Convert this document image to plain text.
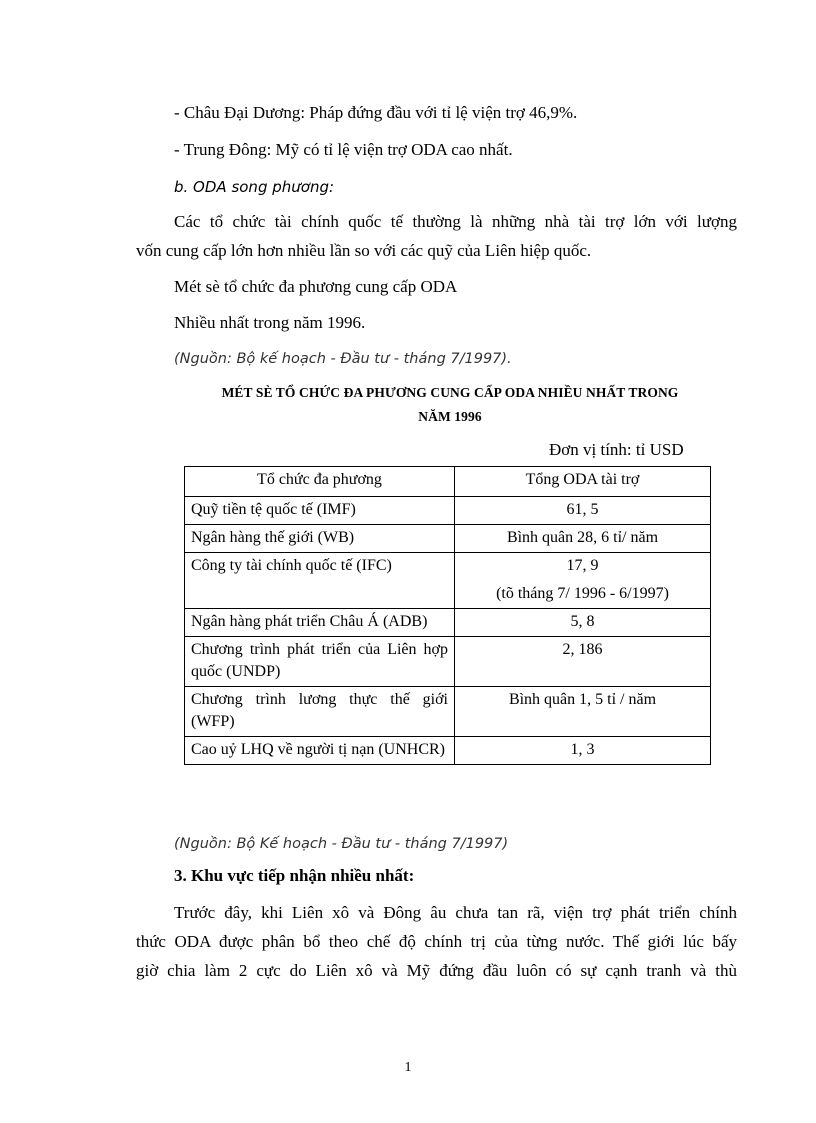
- Châu Đại Dương: Pháp đứng đầu với tỉ lệ viện trợ 46,9%.
- Trung Đông: Mỹ có tỉ lệ viện trợ ODA cao nhất.
b. ODA song phương:
Các tổ chức tài chính quốc tế thường là những nhà tài trợ lớn với lượng
vốn cung cấp lớn hơn nhiều lần so với các quỹ của Liên hiệp quốc.
Mét sè tổ chức đa phương cung cấp ODA
Nhiều nhất trong năm 1996.
(Nguồn: Bộ kế hoạch - Đầu tư - tháng 7/1997).
MÉT SÈ TỔ CHỨC ĐA PHƯƠNG CUNG CẤP ODA NHIỀU NHẤT TRONG
NĂM 1996
Đơn vị tính: tỉ USD
Tổ chức đa phương	Tổng ODA tài trợ
Quỹ tiền tệ quốc tế (IMF)	61, 5
Ngân hàng thế giới (WB)	Bình quân 28, 6 tỉ/ năm
Công ty tài chính quốc tế (IFC)	17, 9
(tõ tháng 7/ 1996 - 6/1997)

Ngân hàng phát triển Châu Á (ADB)	5, 8
Chương trình phát triển của Liên hợp quốc (UNDP)	2, 186
Chương trình lương thực thế giới (WFP)	Bình quân 1, 5 tỉ / năm
Cao uỷ LHQ về người tị nạn (UNHCR)	1, 3
(Nguồn: Bộ Kế hoạch - Đầu tư - tháng 7/1997)
3. Khu vực tiếp nhận nhiều nhất:
Trước đây, khi Liên xô và Đông âu chưa tan rã, viện trợ phát triển chính
thức ODA được phân bổ theo chế độ chính trị của từng nước. Thế giới lúc bấy
giờ chia làm 2 cực do Liên xô và Mỹ đứng đầu luôn có sự cạnh tranh và thù
1
